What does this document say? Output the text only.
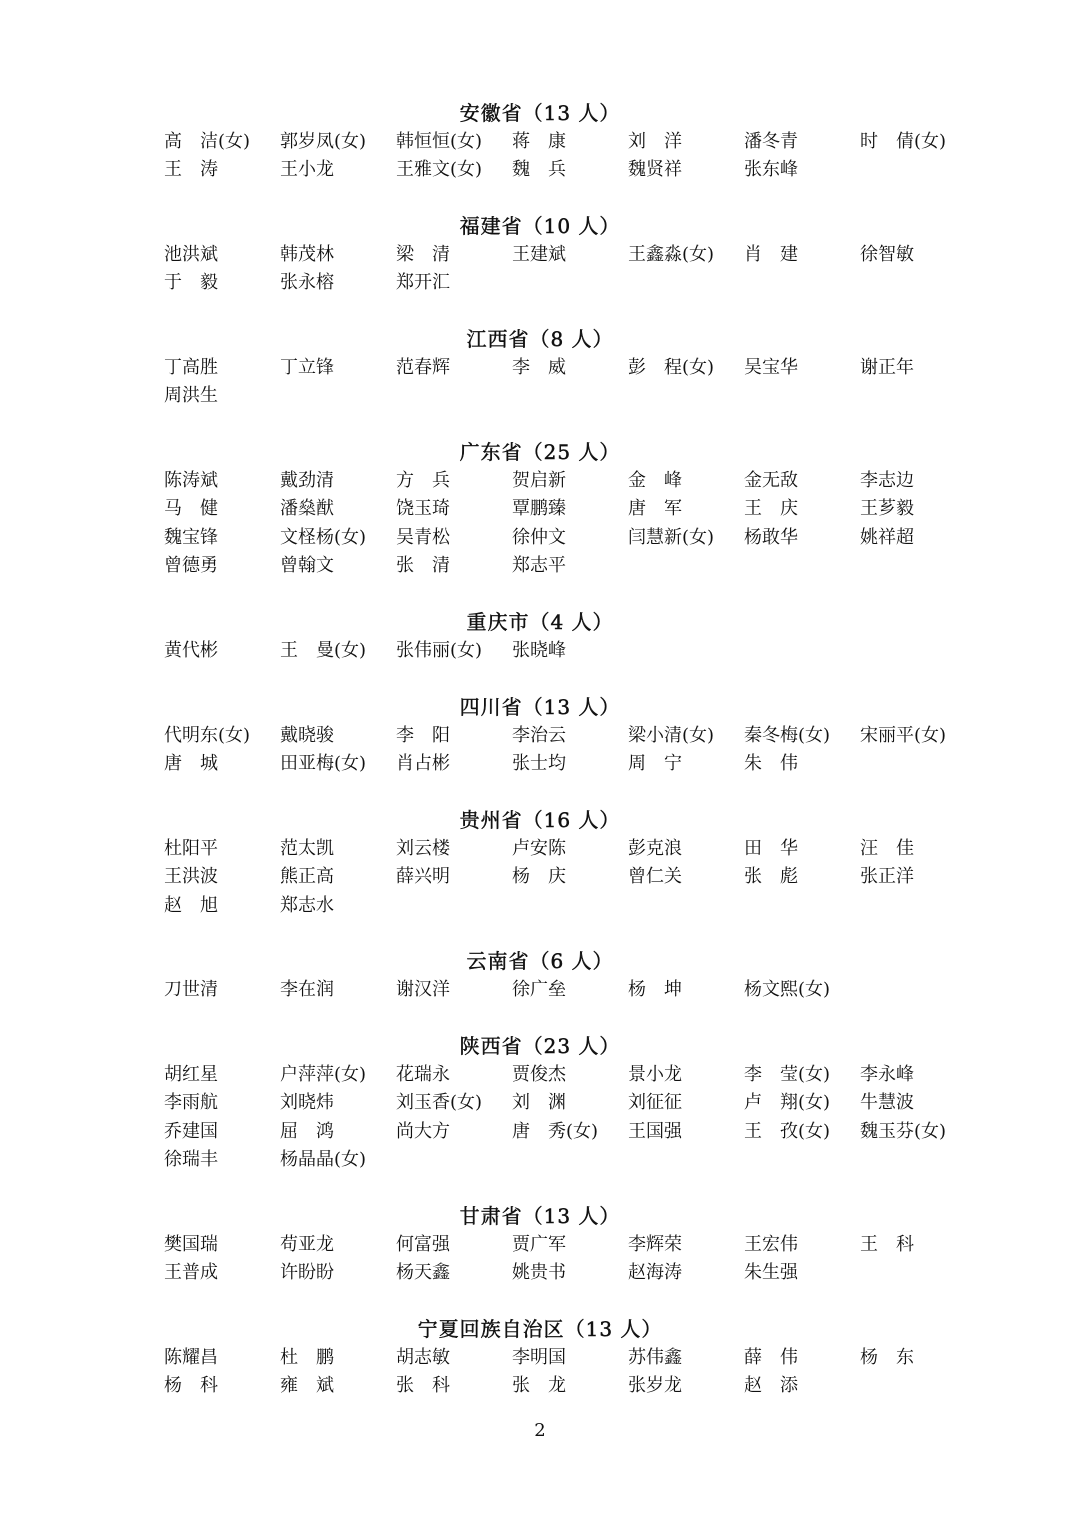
安徽省（13 人）
高　洁(女) 郭岁凤(女) 韩恒恒(女) 蒋　康	刘　洋	潘冬青	时　倩(女)
王　涛	王小龙	王雅文(女) 魏　兵	魏贤祥	张东峰
福建省（10 人）
池洪斌	韩茂林	梁　清	王建斌	王鑫淼(女) 肖　建	徐智敏
于　毅	张永榕	郑开汇
江西省（8 人）
丁高胜	丁立锋	范春辉	李　威	彭　程(女) 吴宝华	谢正年
周洪生
广东省（25 人）
陈涛斌	戴劲清	方　兵	贺启新	金　峰	金无敌	李志边
马　健	潘燊猷	饶玉琦	覃鹏臻	唐　军	王　庆	王芗毅
魏宝锋	文柽杨(女) 吴青松	徐仲文	闫慧新(女) 杨敢华	姚祥超
曾德勇	曾翰文	张　清	郑志平
重庆市（4 人）
黄代彬	王　曼(女) 张伟丽(女) 张晓峰
四川省（13 人）
代明东(女) 戴晓骏	李　阳	李治云	梁小清(女) 秦冬梅(女) 宋丽平(女)
唐　城	田亚梅(女) 肖占彬	张士均	周　宁	朱　伟
贵州省（16 人）
杜阳平	范太凯	刘云楼	卢安陈	彭克浪	田　华	汪　佳
王洪波	熊正高	薛兴明	杨　庆	曾仁关	张　彪	张正洋
赵　旭	郑志水
云南省（6 人）
刀世清	李在润	谢汉洋	徐广垒	杨　坤	杨文熙(女)
陕西省（23 人）
胡红星	户萍萍(女) 花瑞永	贾俊杰	景小龙	李　莹(女) 李永峰
李雨航	刘晓炜	刘玉香(女) 刘　渊	刘征征	卢　翔(女) 牛慧波
乔建国	屈　鸿	尚大方	唐　秀(女) 王国强	王　孜(女) 魏玉芬(女)
徐瑞丰	杨晶晶(女)
甘肃省（13 人）
樊国瑞	苟亚龙	何富强	贾广军	李辉荣	王宏伟	王　科
王普成	许盼盼	杨天鑫	姚贵书	赵海涛	朱生强
宁夏回族自治区（13 人）
陈耀昌	杜　鹏	胡志敏	李明国	苏伟鑫	薛　伟	杨　东
杨　科	雍　斌	张　科	张　龙	张岁龙	赵　添
2
